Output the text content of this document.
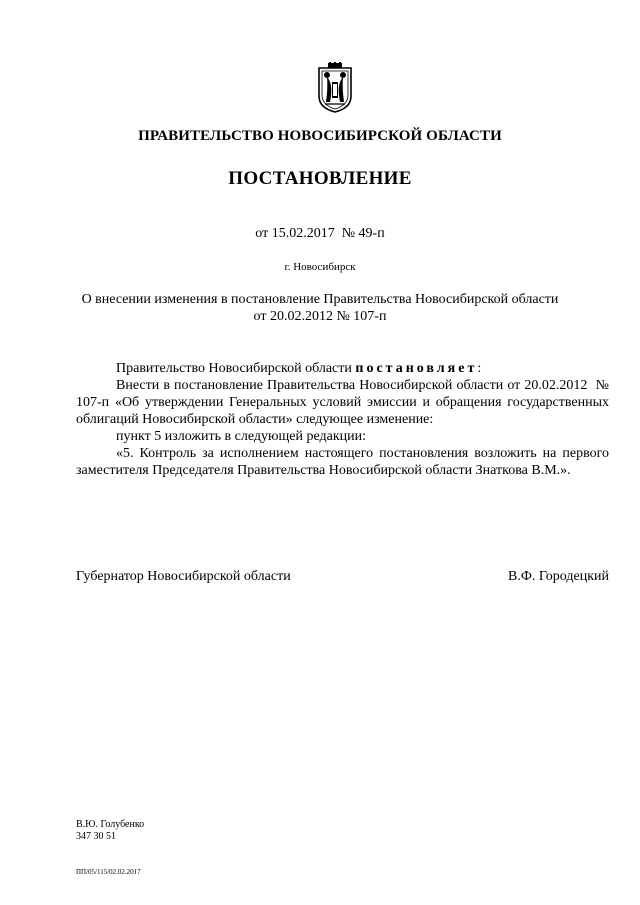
ПРАВИТЕЛЬСТВО НОВОСИБИРСКОЙ ОБЛАСТИ
ПОСТАНОВЛЕНИЕ
от 15.02.2017  № 49-п
г. Новосибирск
О внесении изменения в постановление Правительства Новосибирской области
от 20.02.2012 № 107-п

Правительство Новосибирской области постановляет:

Внести в постановление Правительства Новосибирской области от 20.02.2012  № 107-п «Об утверждении Генеральных условий эмиссии и обращения государственных облигаций Новосибирской области» следующее изменение:

пункт 5 изложить в следующей редакции:

«5. Контроль за исполнением настоящего постановления возложить на первого заместителя Председателя Правительства Новосибирской области Знаткова В.М.».

Губернатор Новосибирской области	В.Ф. Городецкий
В.Ю. Голубенко
347 30 51
ПП/05/115/02.02.2017
